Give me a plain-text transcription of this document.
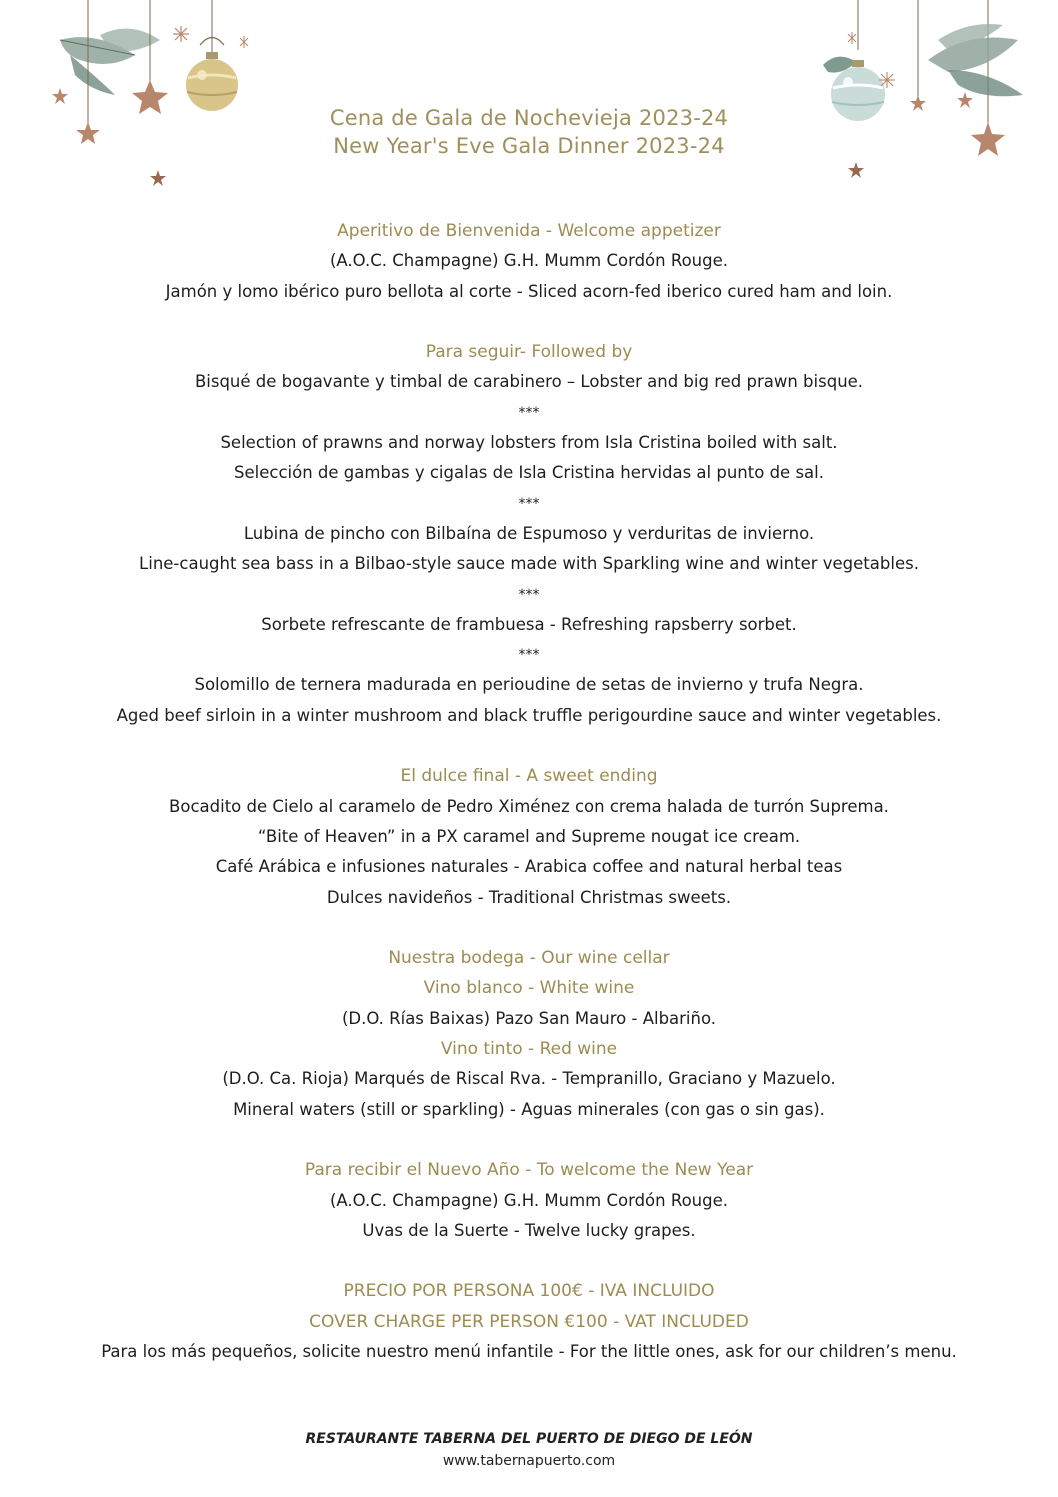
Cena de Gala de Nochevieja 2023-24
New Year's Eve Gala Dinner 2023-24
Aperitivo de Bienvenida - Welcome appetizer
(A.O.C. Champagne) G.H. Mumm Cordón Rouge.
Jamón y lomo ibérico puro bellota al corte - Sliced acorn-fed iberico cured ham and loin.
Para seguir- Followed by
Bisqué de bogavante y timbal de carabinero – Lobster and big red prawn bisque.
***
Selection of prawns and norway lobsters from Isla Cristina boiled with salt.
Selección de gambas y cigalas de Isla Cristina hervidas al punto de sal.
***
Lubina de pincho con Bilbaína de Espumoso y verduritas de invierno.
Line-caught sea bass in a Bilbao-style sauce made with Sparkling wine and winter vegetables.
***
Sorbete refrescante de frambuesa - Refreshing rapsberry sorbet.
***
Solomillo de ternera madurada en perioudine de setas de invierno y trufa Negra.
Aged beef sirloin in a winter mushroom and black truffle perigourdine sauce and winter vegetables.
El dulce final - A sweet ending
Bocadito de Cielo al caramelo de Pedro Ximénez con crema halada de turrón Suprema.
“Bite of Heaven” in a PX caramel and Supreme nougat ice cream.
Café Arábica e infusiones naturales - Arabica coffee and natural herbal teas
Dulces navideños - Traditional Christmas sweets.
Nuestra bodega - Our wine cellar
Vino blanco - White wine
(D.O. Rías Baixas) Pazo San Mauro - Albariño.
Vino tinto - Red wine
(D.O. Ca. Rioja) Marqués de Riscal Rva. - Tempranillo, Graciano y Mazuelo.
Mineral waters (still or sparkling) - Aguas minerales (con gas o sin gas).
Para recibir el Nuevo Año - To welcome the New Year
(A.O.C. Champagne) G.H. Mumm Cordón Rouge.
Uvas de la Suerte - Twelve lucky grapes.
PRECIO POR PERSONA 100€ - IVA INCLUIDO
COVER CHARGE PER PERSON €100 - VAT INCLUDED
Para los más pequeños, solicite nuestro menú infantile - For the little ones, ask for our children’s menu.
RESTAURANTE TABERNA DEL PUERTO DE DIEGO DE LEÓN
www.tabernapuerto.com
